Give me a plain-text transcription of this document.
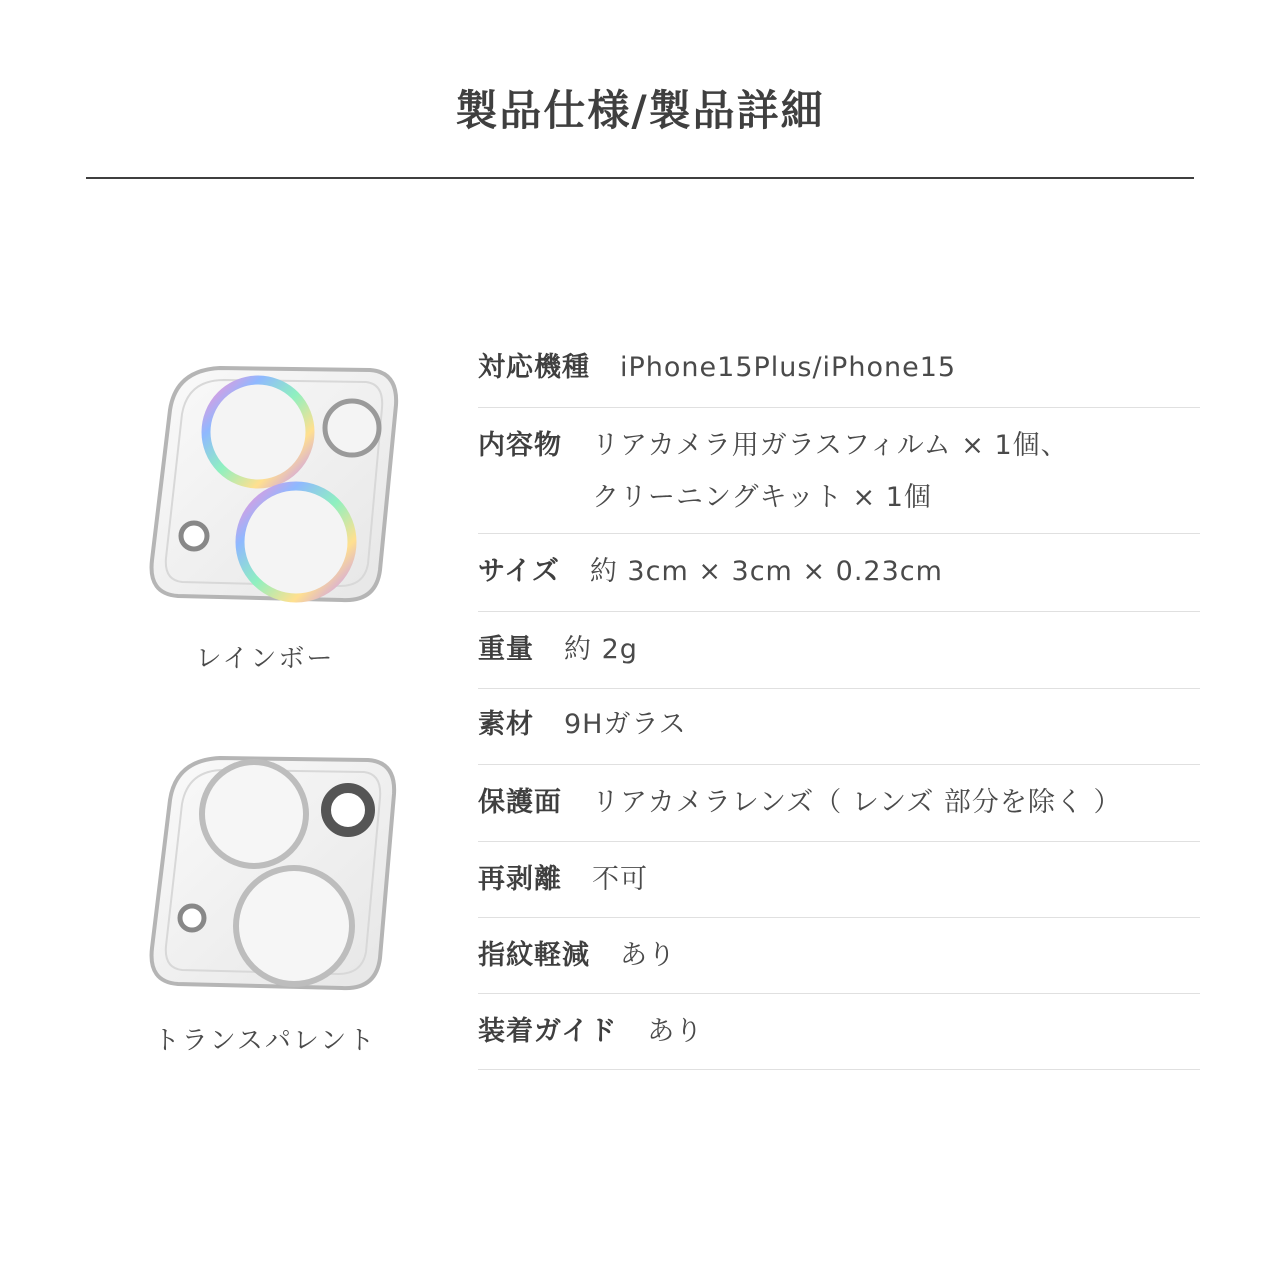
製品仕様/製品詳細
レインボー
トランスパレント
対応機種	iPhone15Plus/iPhone15
内容物	リアカメラ用ガラスフィルム × 1個、
クリーニングキット × 1個
サイズ	約 3cm × 3cm × 0.23cm
重量	約 2g
素材	9Hガラス
保護面	リアカメラレンズ（ レンズ 部分を除く ）
再剥離	不可
指紋軽減	あり
装着ガイド	あり
